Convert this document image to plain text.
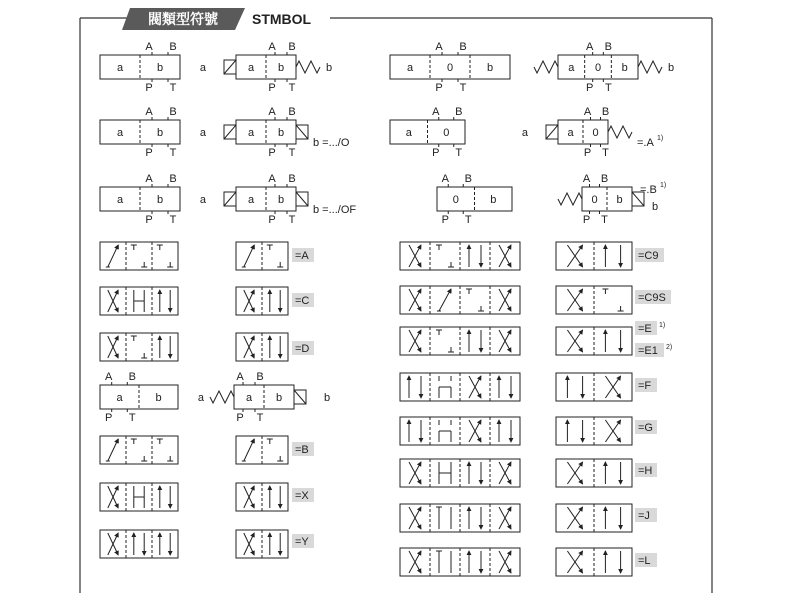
閥類型符號 STMBOL
a	b
A B
P T
a b
A B
P T
a	b
a	b
A B
P T
a b
A B
P T
a
b =.../O
a	b
A B
P T
a b
A B
P T
a
b =.../OF
a	0	b
A B
P T
a 0 b
A B
P T
b
a	0
A B
P T
a 0
A B
P T
a
=.A 1)
0	b
A B
P T
0 b
A B
P T
=.B 1)
b
=A
=C
=D
a	b
A B
P T
a b
A B
P T
a	b
=B
=X
=Y
=C9
=C9S
=E 1)
=E1 2)
=F
=G
=H
=J
=L
